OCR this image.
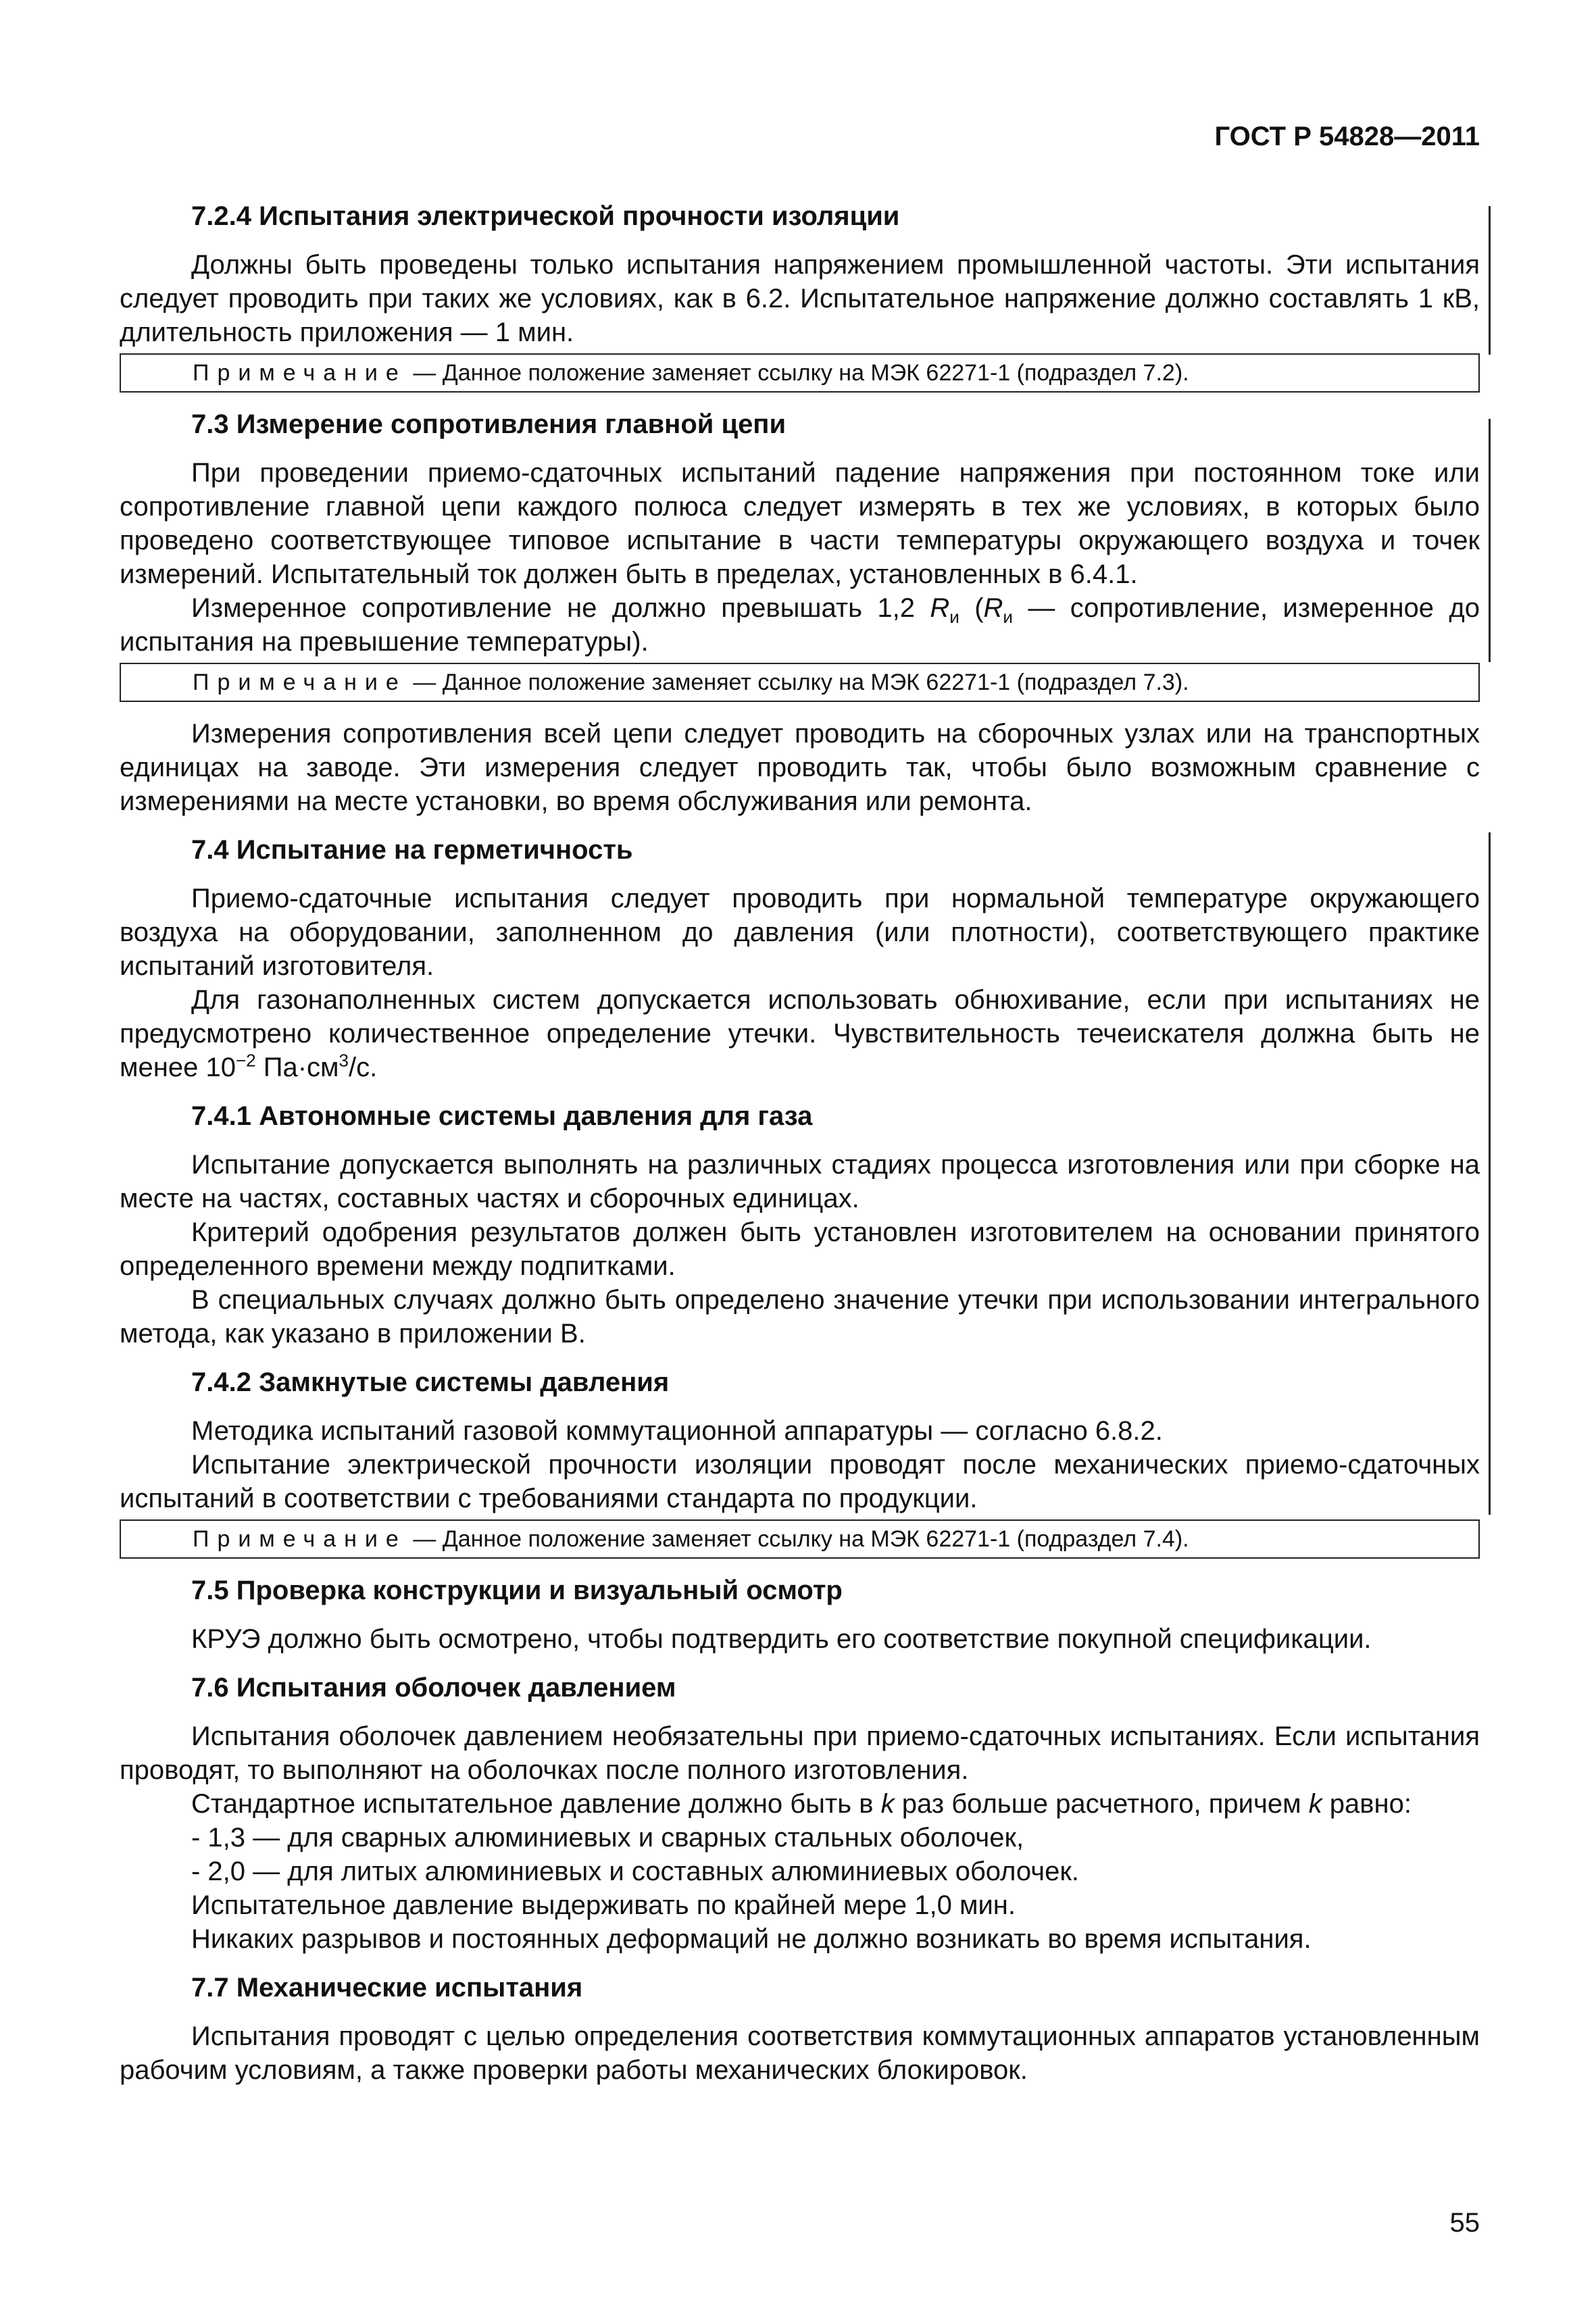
ГОСТ Р 54828—2011
7.2.4 Испытания электрической прочности изоляции

Должны быть проведены только испытания напряжением промышленной частоты. Эти испытания следует проводить при таких же условиях, как в 6.2. Испытательное напряжение должно составлять 1 кВ, длительность приложения — 1 мин.

Примечание — Данное положение заменяет ссылку на МЭК 62271-1 (подраздел 7.2).
7.3 Измерение сопротивления главной цепи

При проведении приемо-сдаточных испытаний падение напряжения при постоянном токе или сопротивление главной цепи каждого полюса следует измерять в тех же условиях, в которых было проведено соответствующее типовое испытание в части температуры окружающего воздуха и точек измерений. Испытательный ток должен быть в пределах, установленных в 6.4.1.

Измеренное сопротивление не должно превышать 1,2 $R_и$ ($R_и$ — сопротивление, измеренное до испытания на превышение температуры).

Примечание — Данное положение заменяет ссылку на МЭК 62271-1 (подраздел 7.3).

Измерения сопротивления всей цепи следует проводить на сборочных узлах или на транспортных единицах на заводе. Эти измерения следует проводить так, чтобы было возможным сравнение с измерениями на месте установки, во время обслуживания или ремонта.

7.4 Испытание на герметичность

Приемо-сдаточные испытания следует проводить при нормальной температуре окружающего воздуха на оборудовании, заполненном до давления (или плотности), соответствующего практике испытаний изготовителя.

Для газонаполненных систем допускается использовать обнюхивание, если при испытаниях не предусмотрено количественное определение утечки. Чувствительность течеискателя должна быть не менее $10^{-2}$ $Па\cdot см^3/с$.

7.4.1 Автономные системы давления для газа

Испытание допускается выполнять на различных стадиях процесса изготовления или при сборке на месте на частях, составных частях и сборочных единицах.

Критерий одобрения результатов должен быть установлен изготовителем на основании принятого определенного времени между подпитками.

В специальных случаях должно быть определено значение утечки при использовании интегрального метода, как указано в приложении В.

7.4.2 Замкнутые системы давления

Методика испытаний газовой коммутационной аппаратуры — согласно 6.8.2.

Испытание электрической прочности изоляции проводят после механических приемо-сдаточных испытаний в соответствии с требованиями стандарта по продукции.

Примечание — Данное положение заменяет ссылку на МЭК 62271-1 (подраздел 7.4).
7.5 Проверка конструкции и визуальный осмотр

КРУЭ должно быть осмотрено, чтобы подтвердить его соответствие покупной спецификации.

7.6 Испытания оболочек давлением

Испытания оболочек давлением необязательны при приемо-сдаточных испытаниях. Если испытания проводят, то выполняют на оболочках после полного изготовления.

Стандартное испытательное давление должно быть в k раз больше расчетного, причем k равно:

- 1,3 — для сварных алюминиевых и сварных стальных оболочек,

- 2,0 — для литых алюминиевых и составных алюминиевых оболочек.

Испытательное давление выдерживать по крайней мере 1,0 мин.

Никаких разрывов и постоянных деформаций не должно возникать во время испытания.

7.7 Механические испытания

Испытания проводят с целью определения соответствия коммутационных аппаратов установленным рабочим условиям, а также проверки работы механических блокировок.

55
